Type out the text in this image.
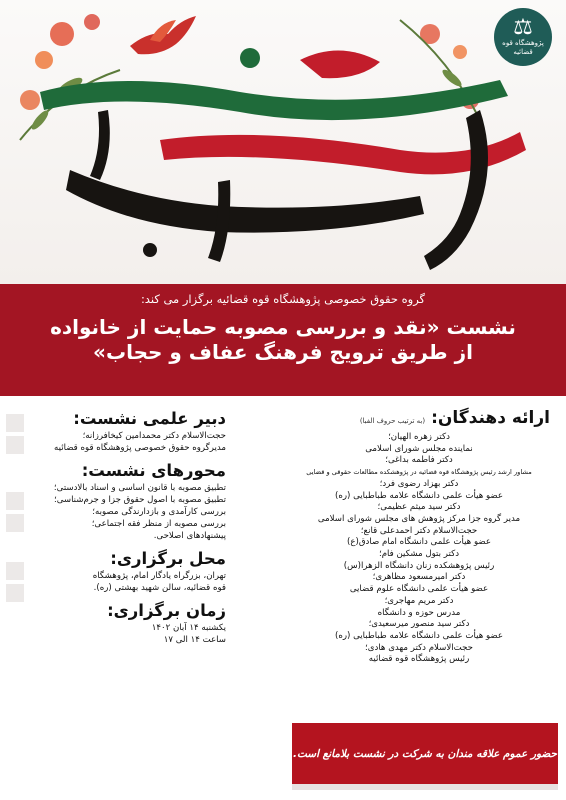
⚖
پژوهشگاه قوه قضائیه
گروه حقوق خصوصی پژوهشگاه قوه قضائیه برگزار می کند:
نشست «نقد و بررسی مصوبه حمایت از خانواده
از طریق ترویج فرهنگ عفاف و حجاب»
ارائه دهندگان:
(به ترتیب حروف الفبا)
دکتر زهره الهیان؛
نماینده مجلس شورای اسلامی
دکتر فاطمه بداغی؛
مشاور ارشد رئیس پژوهشگاه قوه قضائیه در پژوهشکده مطالعات حقوقی و قضایی
دکتر بهزاد رضوی فرد؛
عضو هیأت علمی دانشگاه علامه طباطبایی (ره)
دکتر سید میثم عظیمی؛
مدیر گروه جزا مرکز پژوهش های مجلس شورای اسلامی
حجت‌الاسلام دکتر احمدعلی قانع؛
عضو هیأت علمی دانشگاه امام صادق(ع)
دکتر بتول مشکین فام؛
رئیس پژوهشکده زنان دانشگاه الزهرا(س)
دکتر امیرمسعود مظاهری؛
عضو هیأت علمی دانشگاه علوم قضایی
دکتر مریم مهاجری؛
مدرس حوزه و دانشگاه
دکتر سید منصور میرسعیدی؛
عضو هیأت علمی دانشگاه علامه طباطبایی (ره)
حجت‌الاسلام دکتر مهدی هادی؛
رئیس پژوهشگاه قوه قضائیه
دبیر علمی نشست:
حجت‌الاسلام دکتر محمدامین کیخافرزانه؛
مدیرگروه حقوق خصوصی پژوهشگاه قوه قضائیه
محورهای نشست:
تطبیق مصوبه با قانون اساسی و اسناد بالادستی؛
تطبیق مصوبه با اصول حقوق جزا و جرم‌شناسی؛
بررسی کارآمدی و بازدارندگی مصوبه؛
بررسی مصوبه از منظر فقه اجتماعی؛
پیشنهادهای اصلاحی.
محل برگزاری:
تهران، بزرگراه یادگار امام، پژوهشگاه
قوه قضائیه، سالن شهید بهشتی (ره).
زمان برگزاری:
یکشنبه ۱۴ آبان ۱۴۰۲
ساعت ۱۴ الی ۱۷
حضور عموم علاقه مندان به شرکت در نشست بلامانع است.
